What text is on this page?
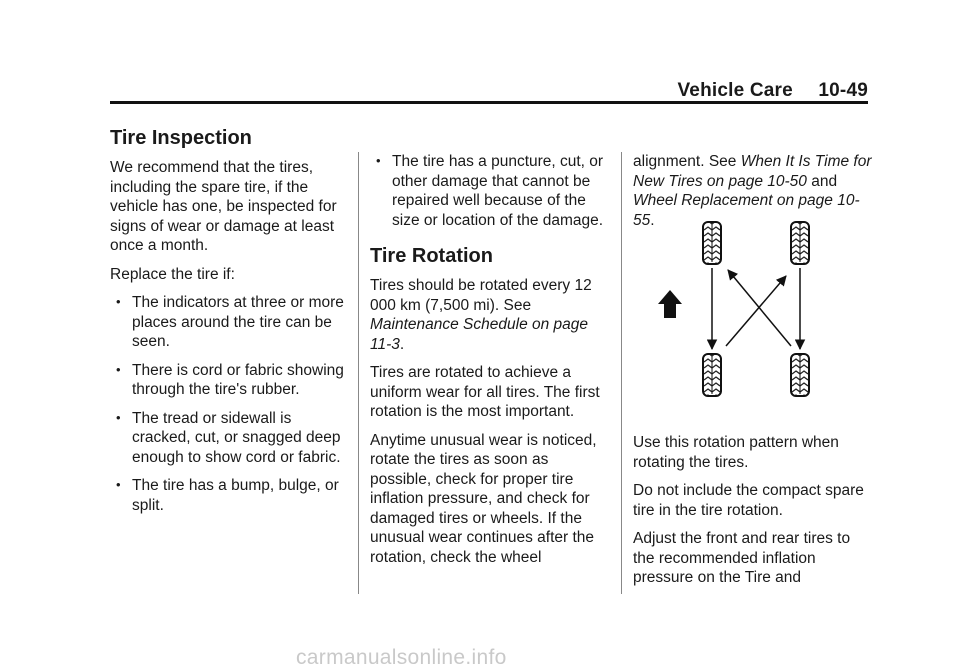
Vehicle Care 10-49
Tire Inspection

We recommend that the tires, including the spare tire, if the vehicle has one, be inspected for signs of wear or damage at least once a month.

Replace the tire if:

• The indicators at three or more places around the tire can be seen.
• There is cord or fabric showing through the tire's rubber.
• The tread or sidewall is cracked, cut, or snagged deep enough to show cord or fabric.
• The tire has a bump, bulge, or split.
• The tire has a puncture, cut, or other damage that cannot be repaired well because of the size or location of the damage.
Tire Rotation

Tires should be rotated every 12 000 km (7,500 mi). See Maintenance Schedule on page 11-3.

Tires are rotated to achieve a uniform wear for all tires. The first rotation is the most important.

Anytime unusual wear is noticed, rotate the tires as soon as possible, check for proper tire inflation pressure, and check for damaged tires or wheels. If the unusual wear continues after the rotation, check the wheel

alignment. See When It Is Time for New Tires on page 10-50 and Wheel Replacement on page 10-55.

Use this rotation pattern when rotating the tires.

Do not include the compact spare tire in the tire rotation.

Adjust the front and rear tires to the recommended inflation pressure on the Tire and

carmanualsonline.info
